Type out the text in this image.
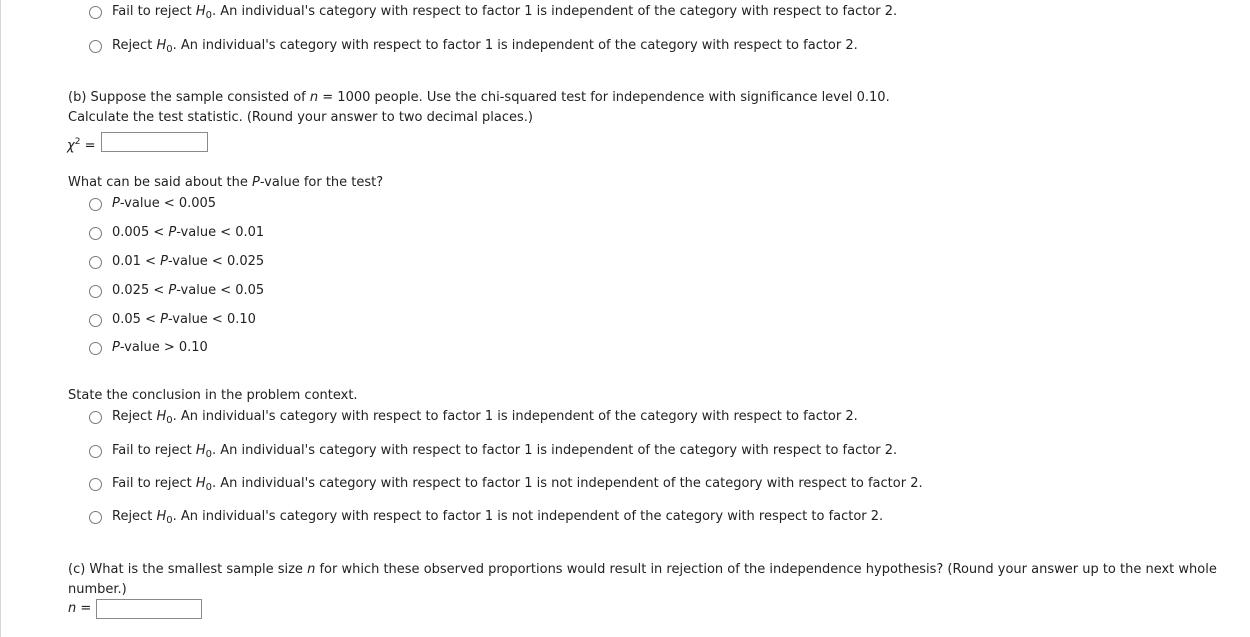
Fail to reject $H_0$. An individual's category with respect to factor 1 is independent of the category with respect to factor 2.
Reject $H_0$. An individual's category with respect to factor 1 is independent of the category with respect to factor 2.
(b) Suppose the sample consisted of n = 1000 people. Use the chi-squared test for independence with significance level 0.10.
Calculate the test statistic. (Round your answer to two decimal places.)
$\chi^2$ =
What can be said about the P-value for the test?
P-value < 0.005
0.005 < P-value < 0.01
0.01 < P-value < 0.025
0.025 < P-value < 0.05
0.05 < P-value < 0.10
P-value > 0.10
State the conclusion in the problem context.
Reject $H_0$. An individual's category with respect to factor 1 is independent of the category with respect to factor 2.
Fail to reject $H_0$. An individual's category with respect to factor 1 is independent of the category with respect to factor 2.
Fail to reject $H_0$. An individual's category with respect to factor 1 is not independent of the category with respect to factor 2.
Reject $H_0$. An individual's category with respect to factor 1 is not independent of the category with respect to factor 2.
(c) What is the smallest sample size n for which these observed proportions would result in rejection of the independence hypothesis? (Round your answer up to the next whole
number.)
n =
